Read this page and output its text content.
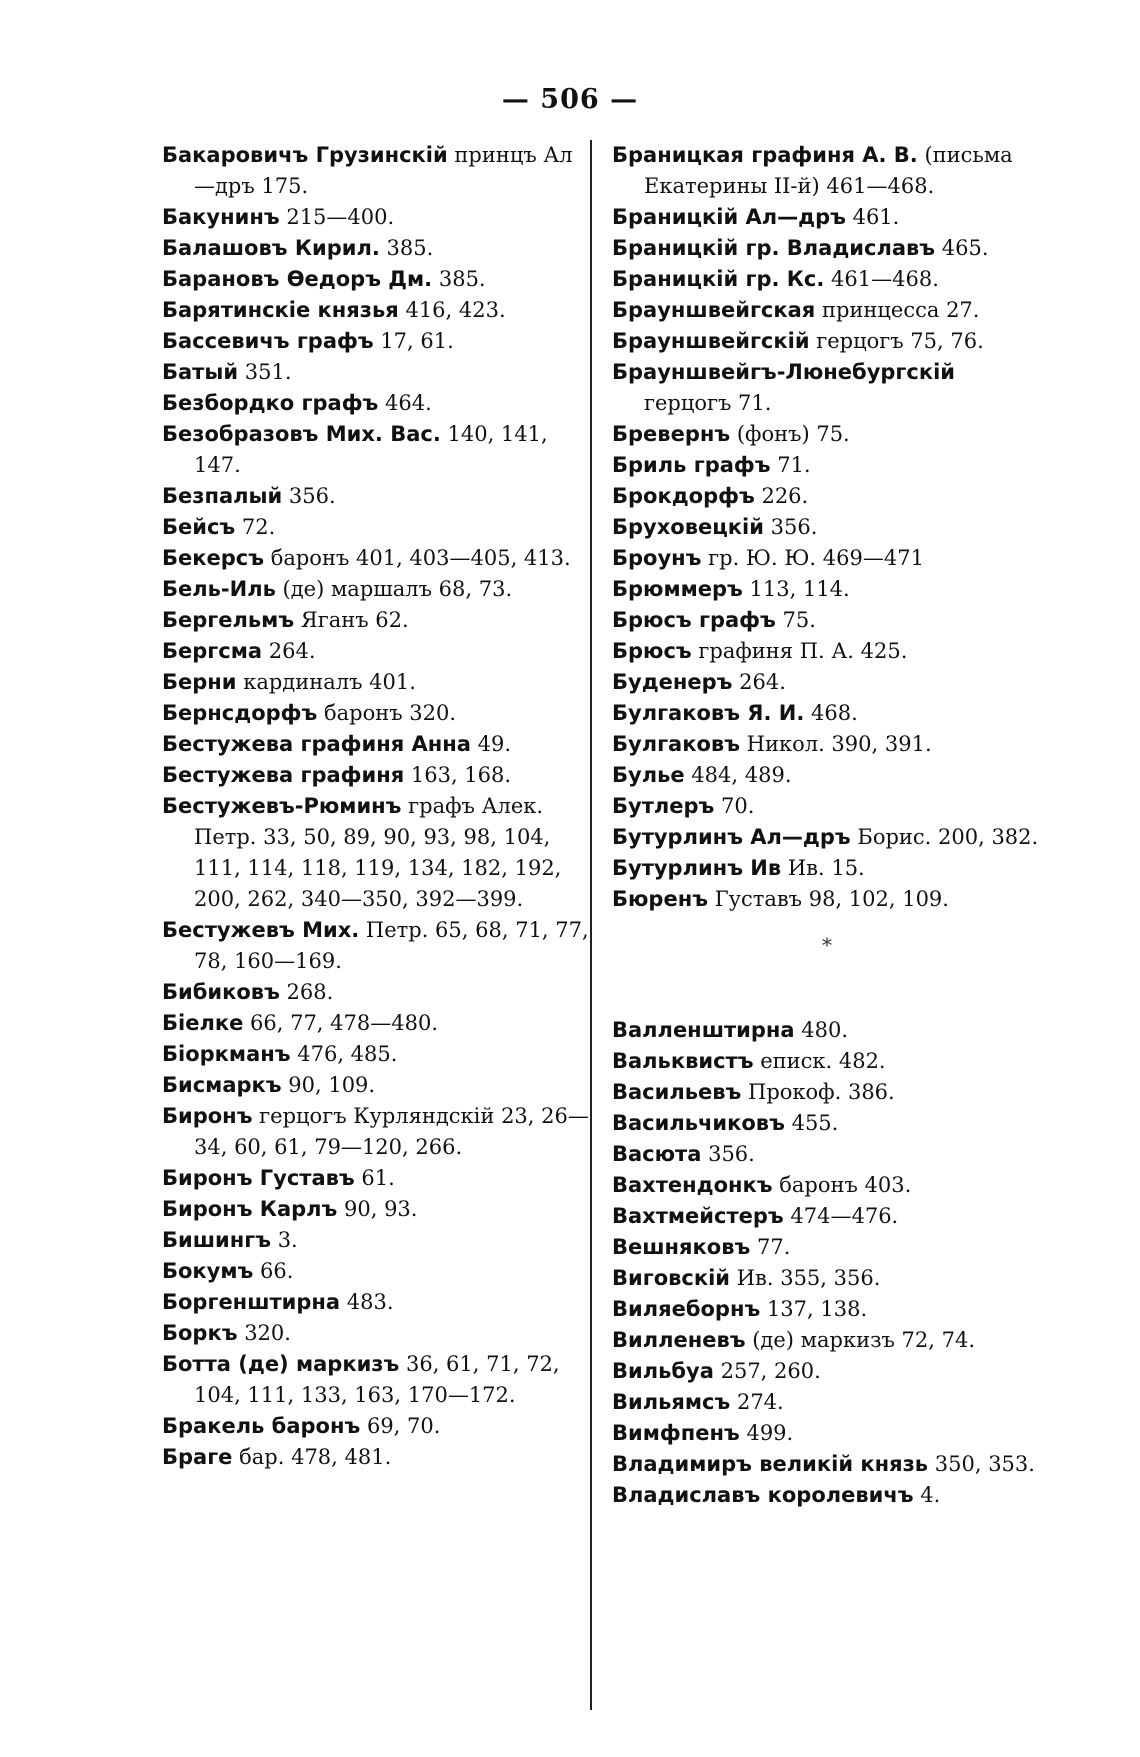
— 506 —

Бакаровичъ Грузинскій принцъ Ал—дръ 175.

Бакунинъ 215—400.

Балашовъ Кирил. 385.

Барановъ Өедоръ Дм. 385.

Барятинскіе князья 416, 423.

Бассевичъ графъ 17, 61.

Батый 351.

Безбордко графъ 464.

Безобразовъ Мих. Вас. 140, 141, 147.

Безпалый 356.

Бейсъ 72.

Бекерсъ баронъ 401, 403—405, 413.

Бель-Иль (де) маршалъ 68, 73.

Бергельмъ Яганъ 62.

Бергсма 264.

Берни кардиналъ 401.

Бернсдорфъ баронъ 320.

Бестужева графиня Анна 49.

Бестужева графиня 163, 168.

Бестужевъ-Рюминъ графъ Алек. Петр. 33, 50, 89, 90, 93, 98, 104, 111, 114, 118, 119, 134, 182, 192, 200, 262, 340—350, 392—399.

Бестужевъ Мих. Петр. 65, 68, 71, 77, 78, 160—169.

Бибиковъ 268.

Біелке 66, 77, 478—480.

Біоркманъ 476, 485.

Бисмаркъ 90, 109.

Биронъ герцогъ Курляндскій 23, 26—34, 60, 61, 79—120, 266.

Биронъ Густавъ 61.

Биронъ Карлъ 90, 93.

Бишингъ 3.

Бокумъ 66.

Боргенштирна 483.

Боркъ 320.

Ботта (де) маркизъ 36, 61, 71, 72, 104, 111, 133, 163, 170—172.

Бракель баронъ 69, 70.

Браге бар. 478, 481.

Браницкая графиня А. В. (письма Екатерины II-й) 461—468.

Браницкій Ал—дръ 461.

Браницкій гр. Владиславъ 465.

Браницкій гр. Кс. 461—468.

Брауншвейгская принцесса 27.

Брауншвейгскій герцогъ 75, 76.

Брауншвейгъ-Люнебургскій герцогъ 71.

Бревернъ (фонъ) 75.

Бриль графъ 71.

Брокдорфъ 226.

Бруховецкій 356.

Броунъ гр. Ю. Ю. 469—471

Брюммеръ 113, 114.

Брюсъ графъ 75.

Брюсъ графиня П. А. 425.

Буденеръ 264.

Булгаковъ Я. И. 468.

Булгаковъ Никол. 390, 391.

Булье 484, 489.

Бутлеръ 70.

Бутурлинъ Ал—дръ Борис. 200, 382.

Бутурлинъ Ив Ив. 15.

Бюренъ Густавъ 98, 102, 109.

*

Валленштирна 480.

Вальквистъ еписк. 482.

Васильевъ Прокоф. 386.

Васильчиковъ 455.

Васюта 356.

Вахтендонкъ баронъ 403.

Вахтмейстеръ 474—476.

Вешняковъ 77.

Виговскій Ив. 355, 356.

Виляеборнъ 137, 138.

Вилленевъ (де) маркизъ 72, 74.

Вильбуа 257, 260.

Вильямсъ 274.

Вимфпенъ 499.

Владимиръ великій князь 350, 353.

Владиславъ королевичъ 4.
